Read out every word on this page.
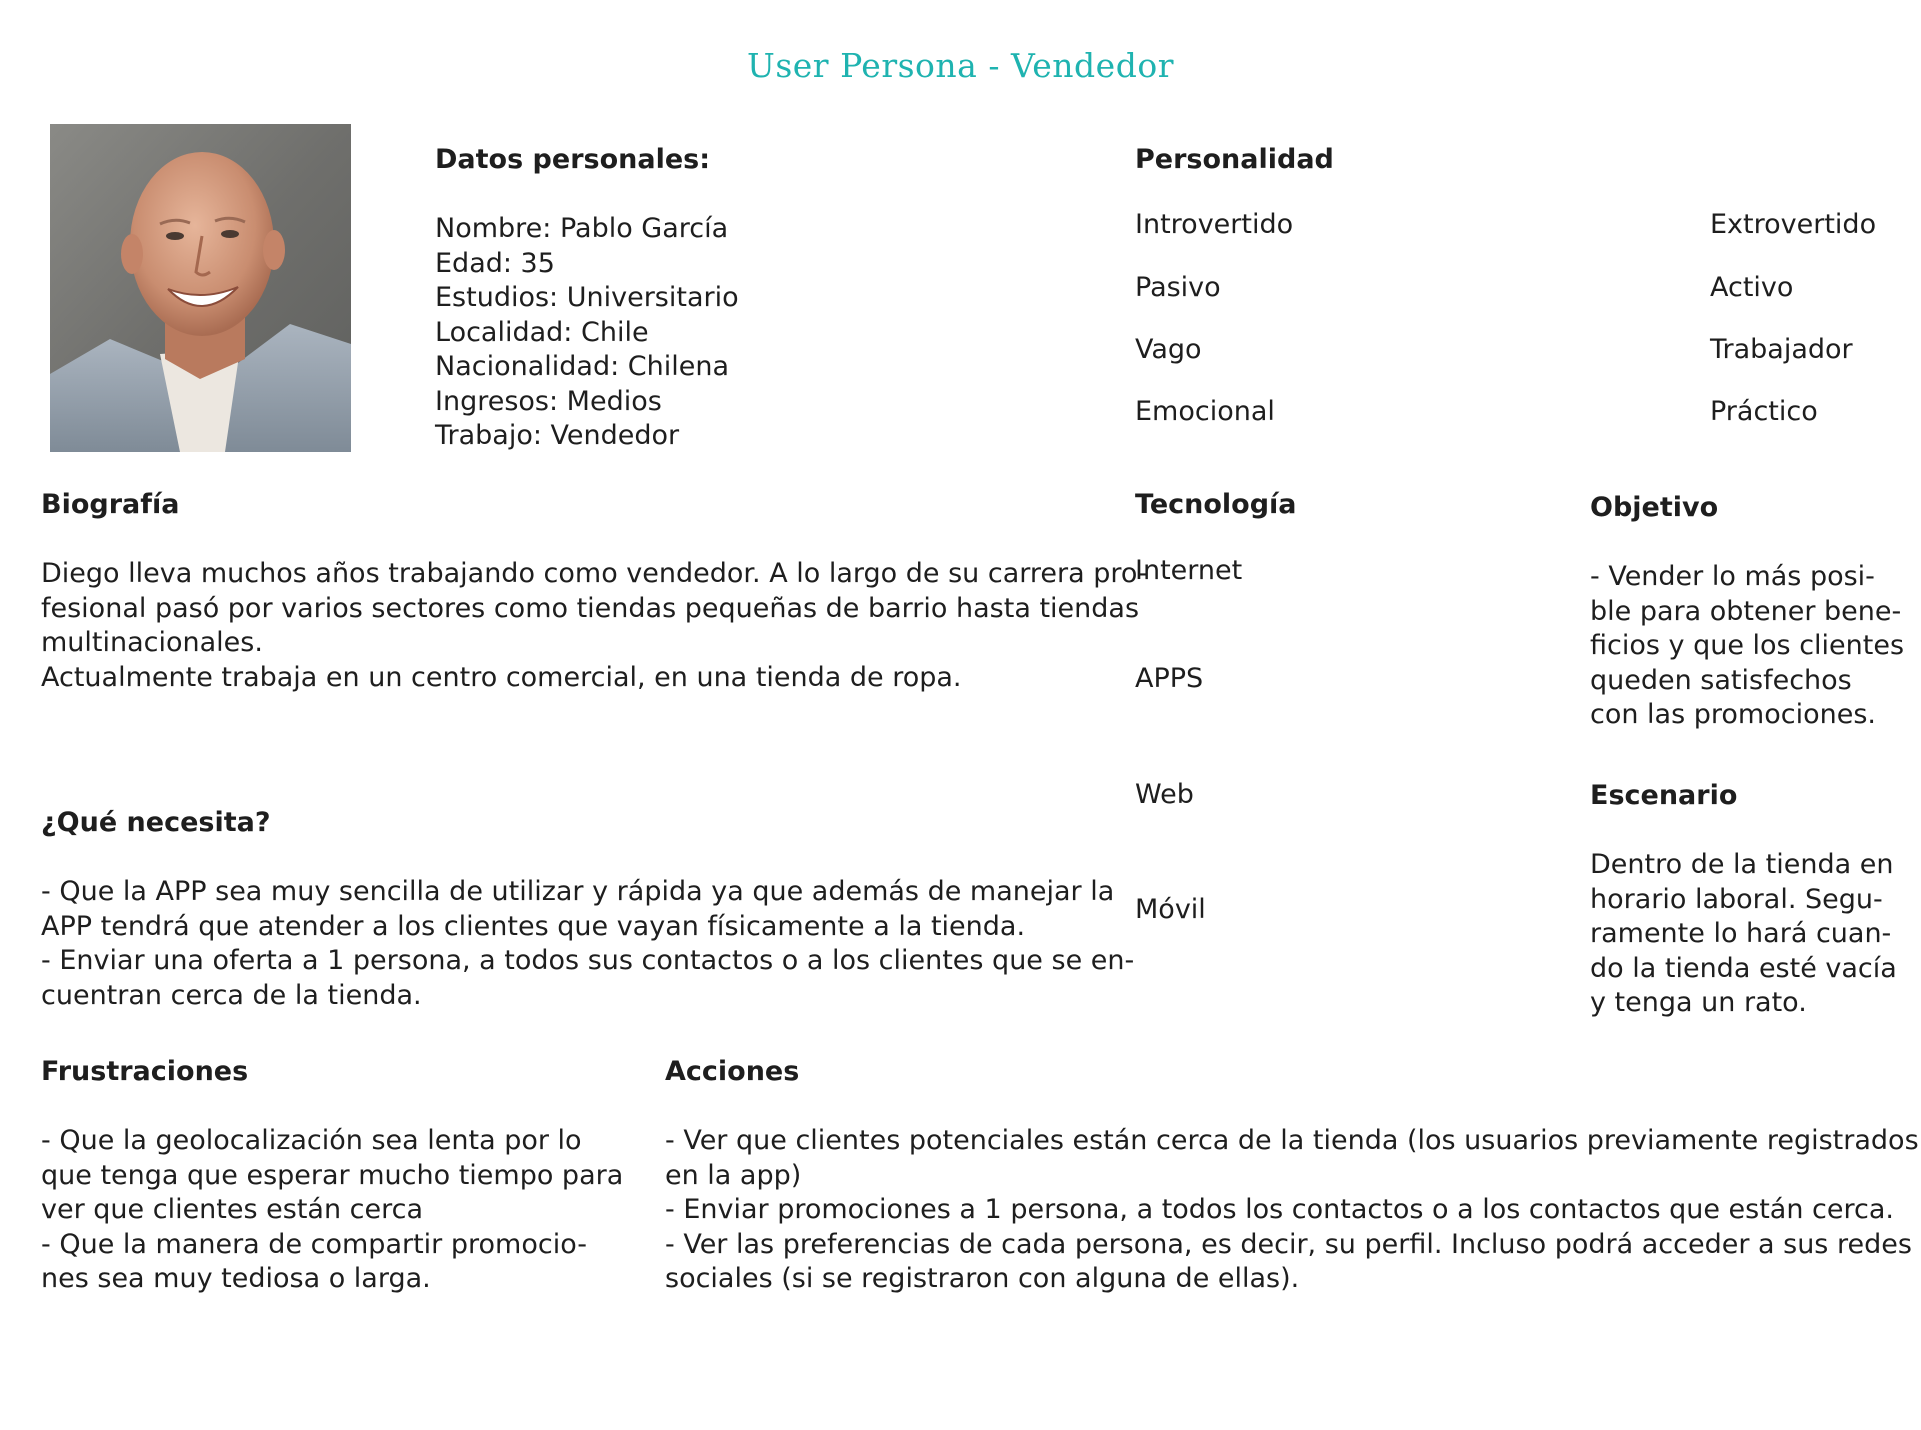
User Persona - Vendedor
Datos personales:
Nombre: Pablo García
Edad: 35
Estudios: Universitario
Localidad: Chile
Nacionalidad: Chilena
Ingresos: Medios
Trabajo: Vendedor
Personalidad
Introvertido	Extrovertido
Pasivo	Activo
Vago	Trabajador
Emocional	Práctico
Biografía
Diego lleva muchos años trabajando como vendedor. A lo largo de su carrera pro-
fesional pasó por varios sectores como tiendas pequeñas de barrio hasta tiendas
multinacionales.
Actualmente trabaja en un centro comercial, en una tienda de ropa.
Tecnología
Internet
APPS
Web
Móvil
Objetivo
- Vender lo más posi-
ble para obtener bene-
ficios y que los clientes
queden satisfechos
con las promociones.
Escenario
Dentro de la tienda en
horario laboral. Segu-
ramente lo hará cuan-
do la tienda esté vacía
y tenga un rato.
¿Qué necesita?
- Que la APP sea muy sencilla de utilizar y rápida ya que además de manejar la
APP tendrá que atender a los clientes que vayan físicamente a la tienda.
- Enviar una oferta a 1 persona, a todos sus contactos o a los clientes que se en-
cuentran cerca de la tienda.
Frustraciones
- Que la geolocalización sea lenta por lo
que tenga que esperar mucho tiempo para
ver que clientes están cerca
- Que la manera de compartir promocio-
nes sea muy tediosa o larga.
Acciones
- Ver que clientes potenciales están cerca de la tienda (los usuarios previamente registrados
en la app)
- Enviar promociones a 1 persona, a todos los contactos o a los contactos que están cerca.
- Ver las preferencias de cada persona, es decir, su perfil. Incluso podrá acceder a sus redes
sociales (si se registraron con alguna de ellas).
